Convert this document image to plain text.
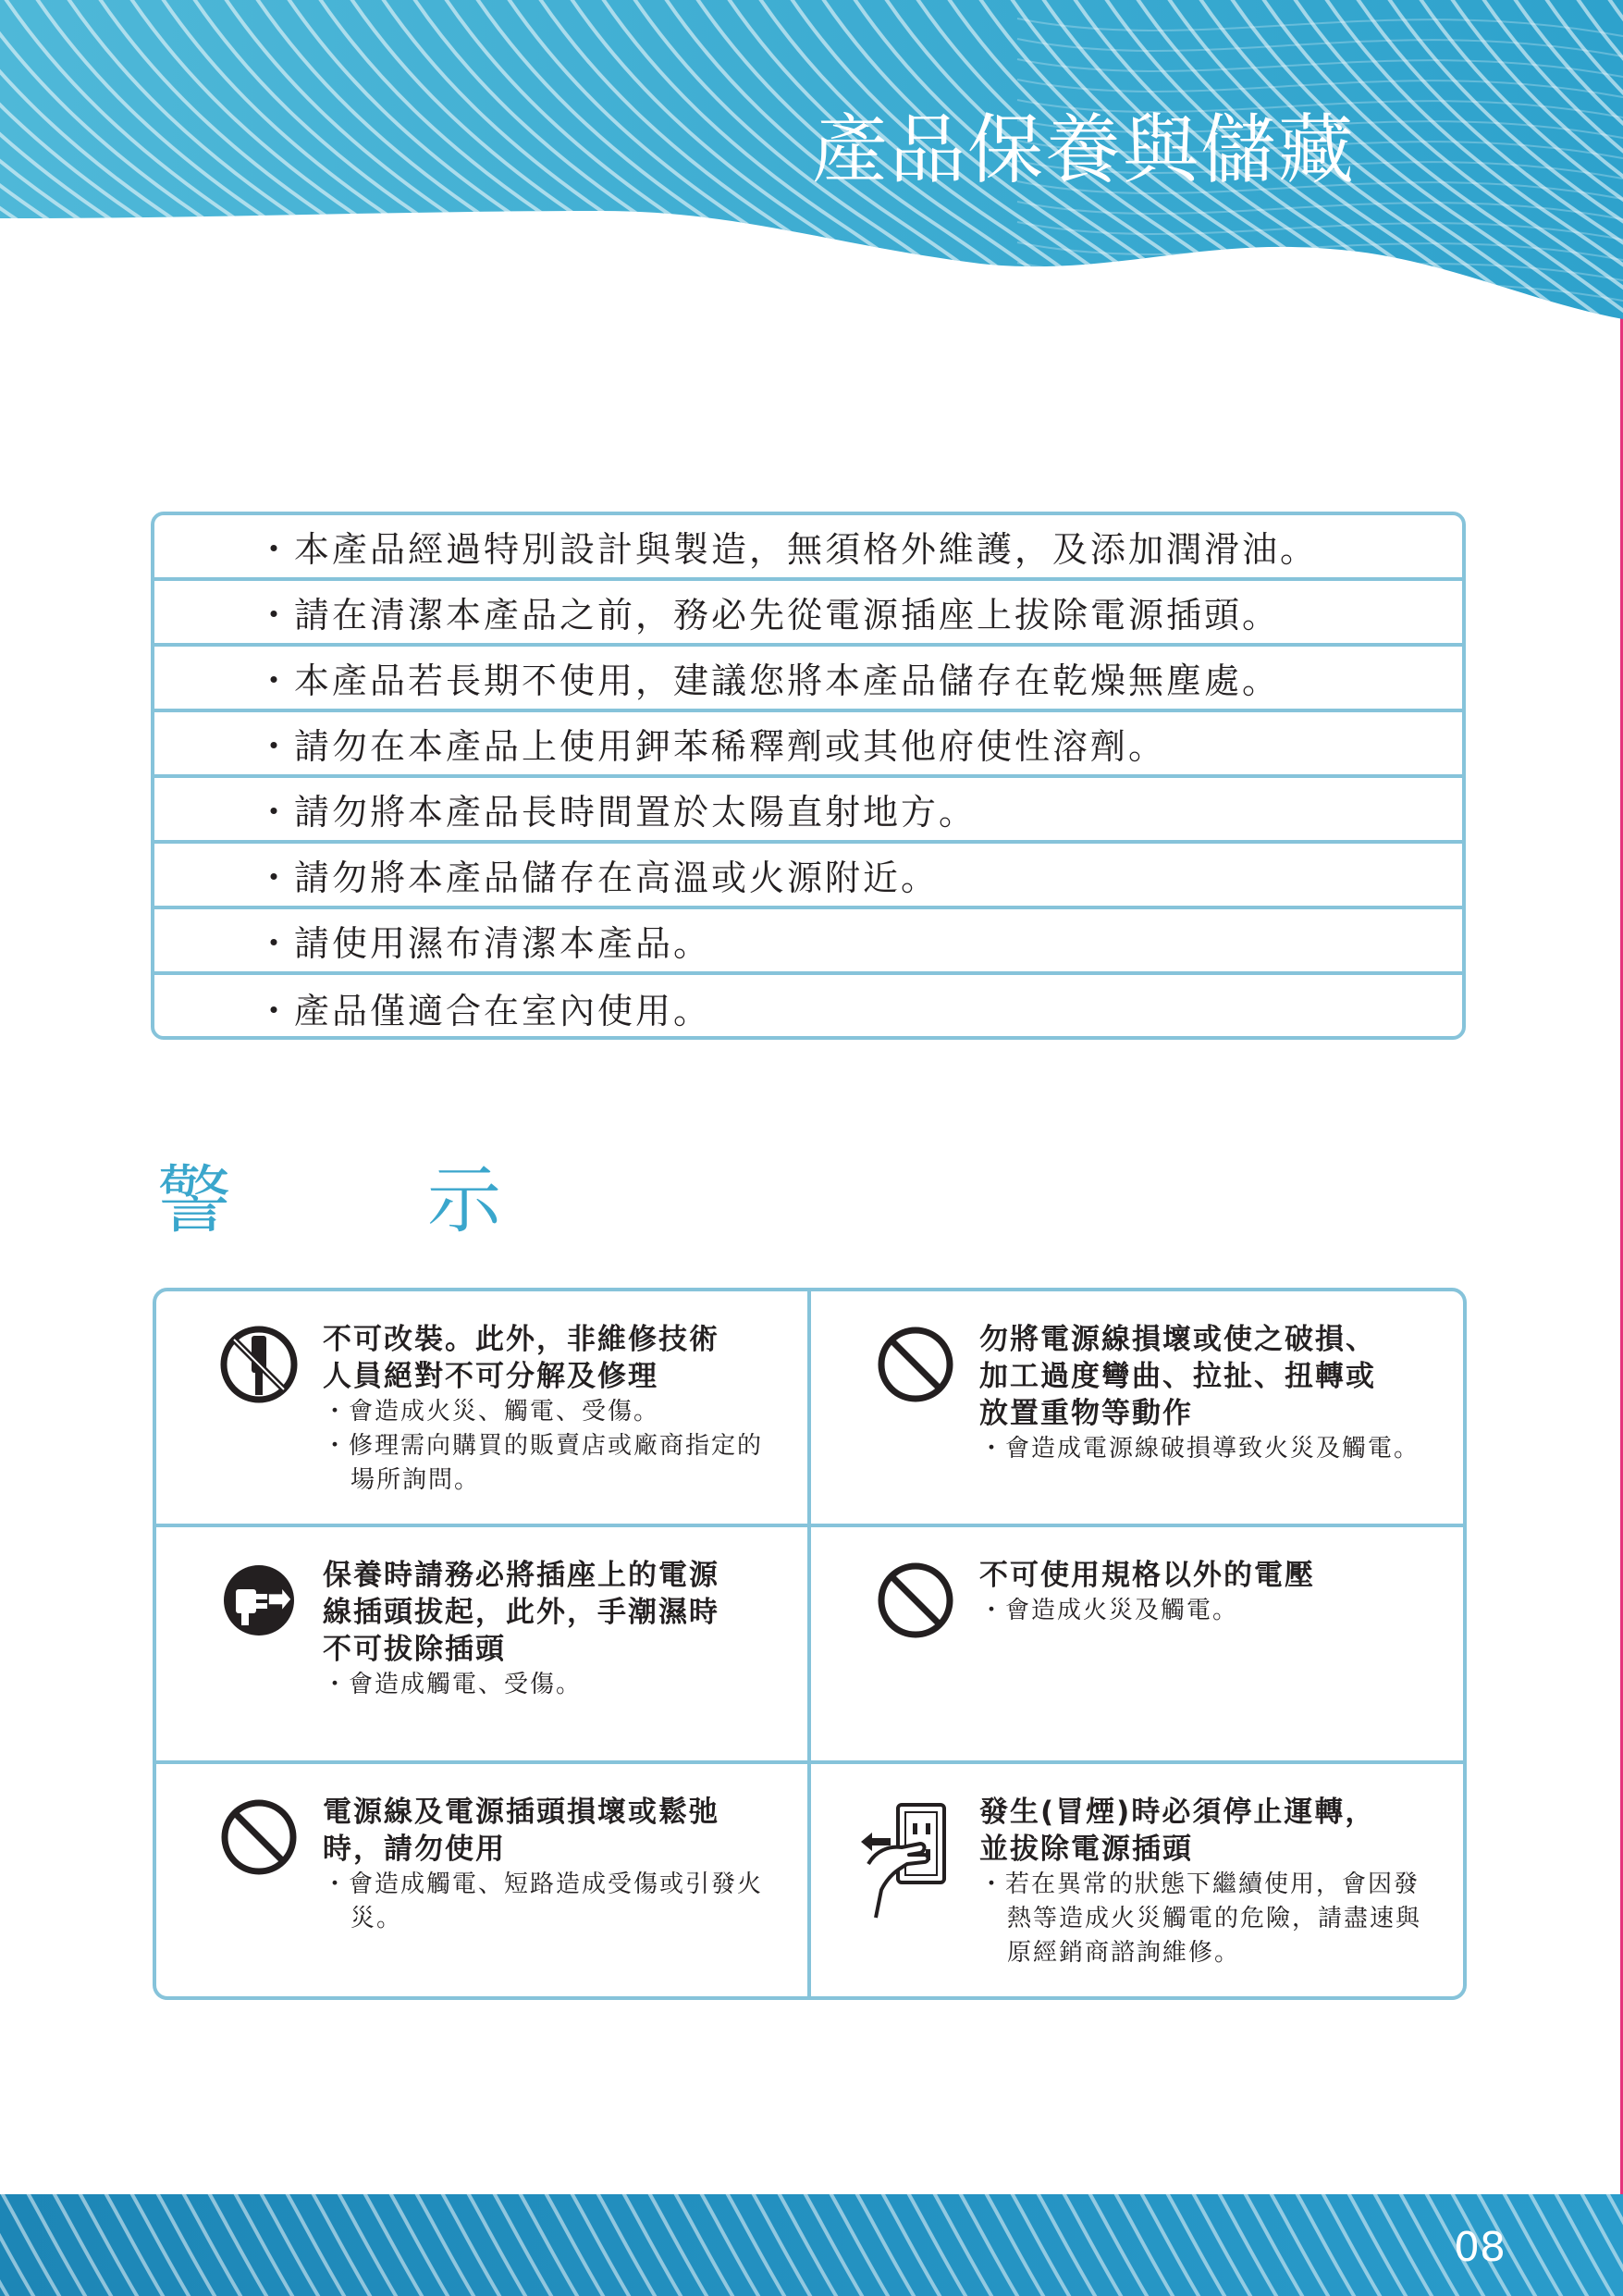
產品保養與儲藏
・本產品經過特別設計與製造，無須格外維護，及添加潤滑油。
・請在清潔本產品之前，務必先從電源插座上拔除電源插頭。
・本產品若長期不使用，建議您將本產品儲存在乾燥無塵處。
・請勿在本產品上使用鉀苯稀釋劑或其他府使性溶劑。
・請勿將本產品長時間置於太陽直射地方。
・請勿將本產品儲存在高溫或火源附近。
・請使用濕布清潔本產品。
・產品僅適合在室內使用。
警	示
不可改裝。此外，非維修技術
人員絕對不可分解及修理
・會造成火災、觸電、受傷。
・修理需向購買的販賣店或廠商指定的場所詢問。
勿將電源線損壞或使之破損、
加工過度彎曲、拉扯、扭轉或
放置重物等動作
・會造成電源線破損導致火災及觸電。
保養時請務必將插座上的電源
線插頭拔起，此外，手潮濕時
不可拔除插頭
・會造成觸電、受傷。
不可使用規格以外的電壓
・會造成火災及觸電。
電源線及電源插頭損壞或鬆弛
時，請勿使用
・會造成觸電、短路造成受傷或引發火災。
發生(冒煙)時必須停止運轉，
並拔除電源插頭
・若在異常的狀態下繼續使用，會因發熱等造成火災觸電的危險，請盡速與原經銷商諮詢維修。
08
